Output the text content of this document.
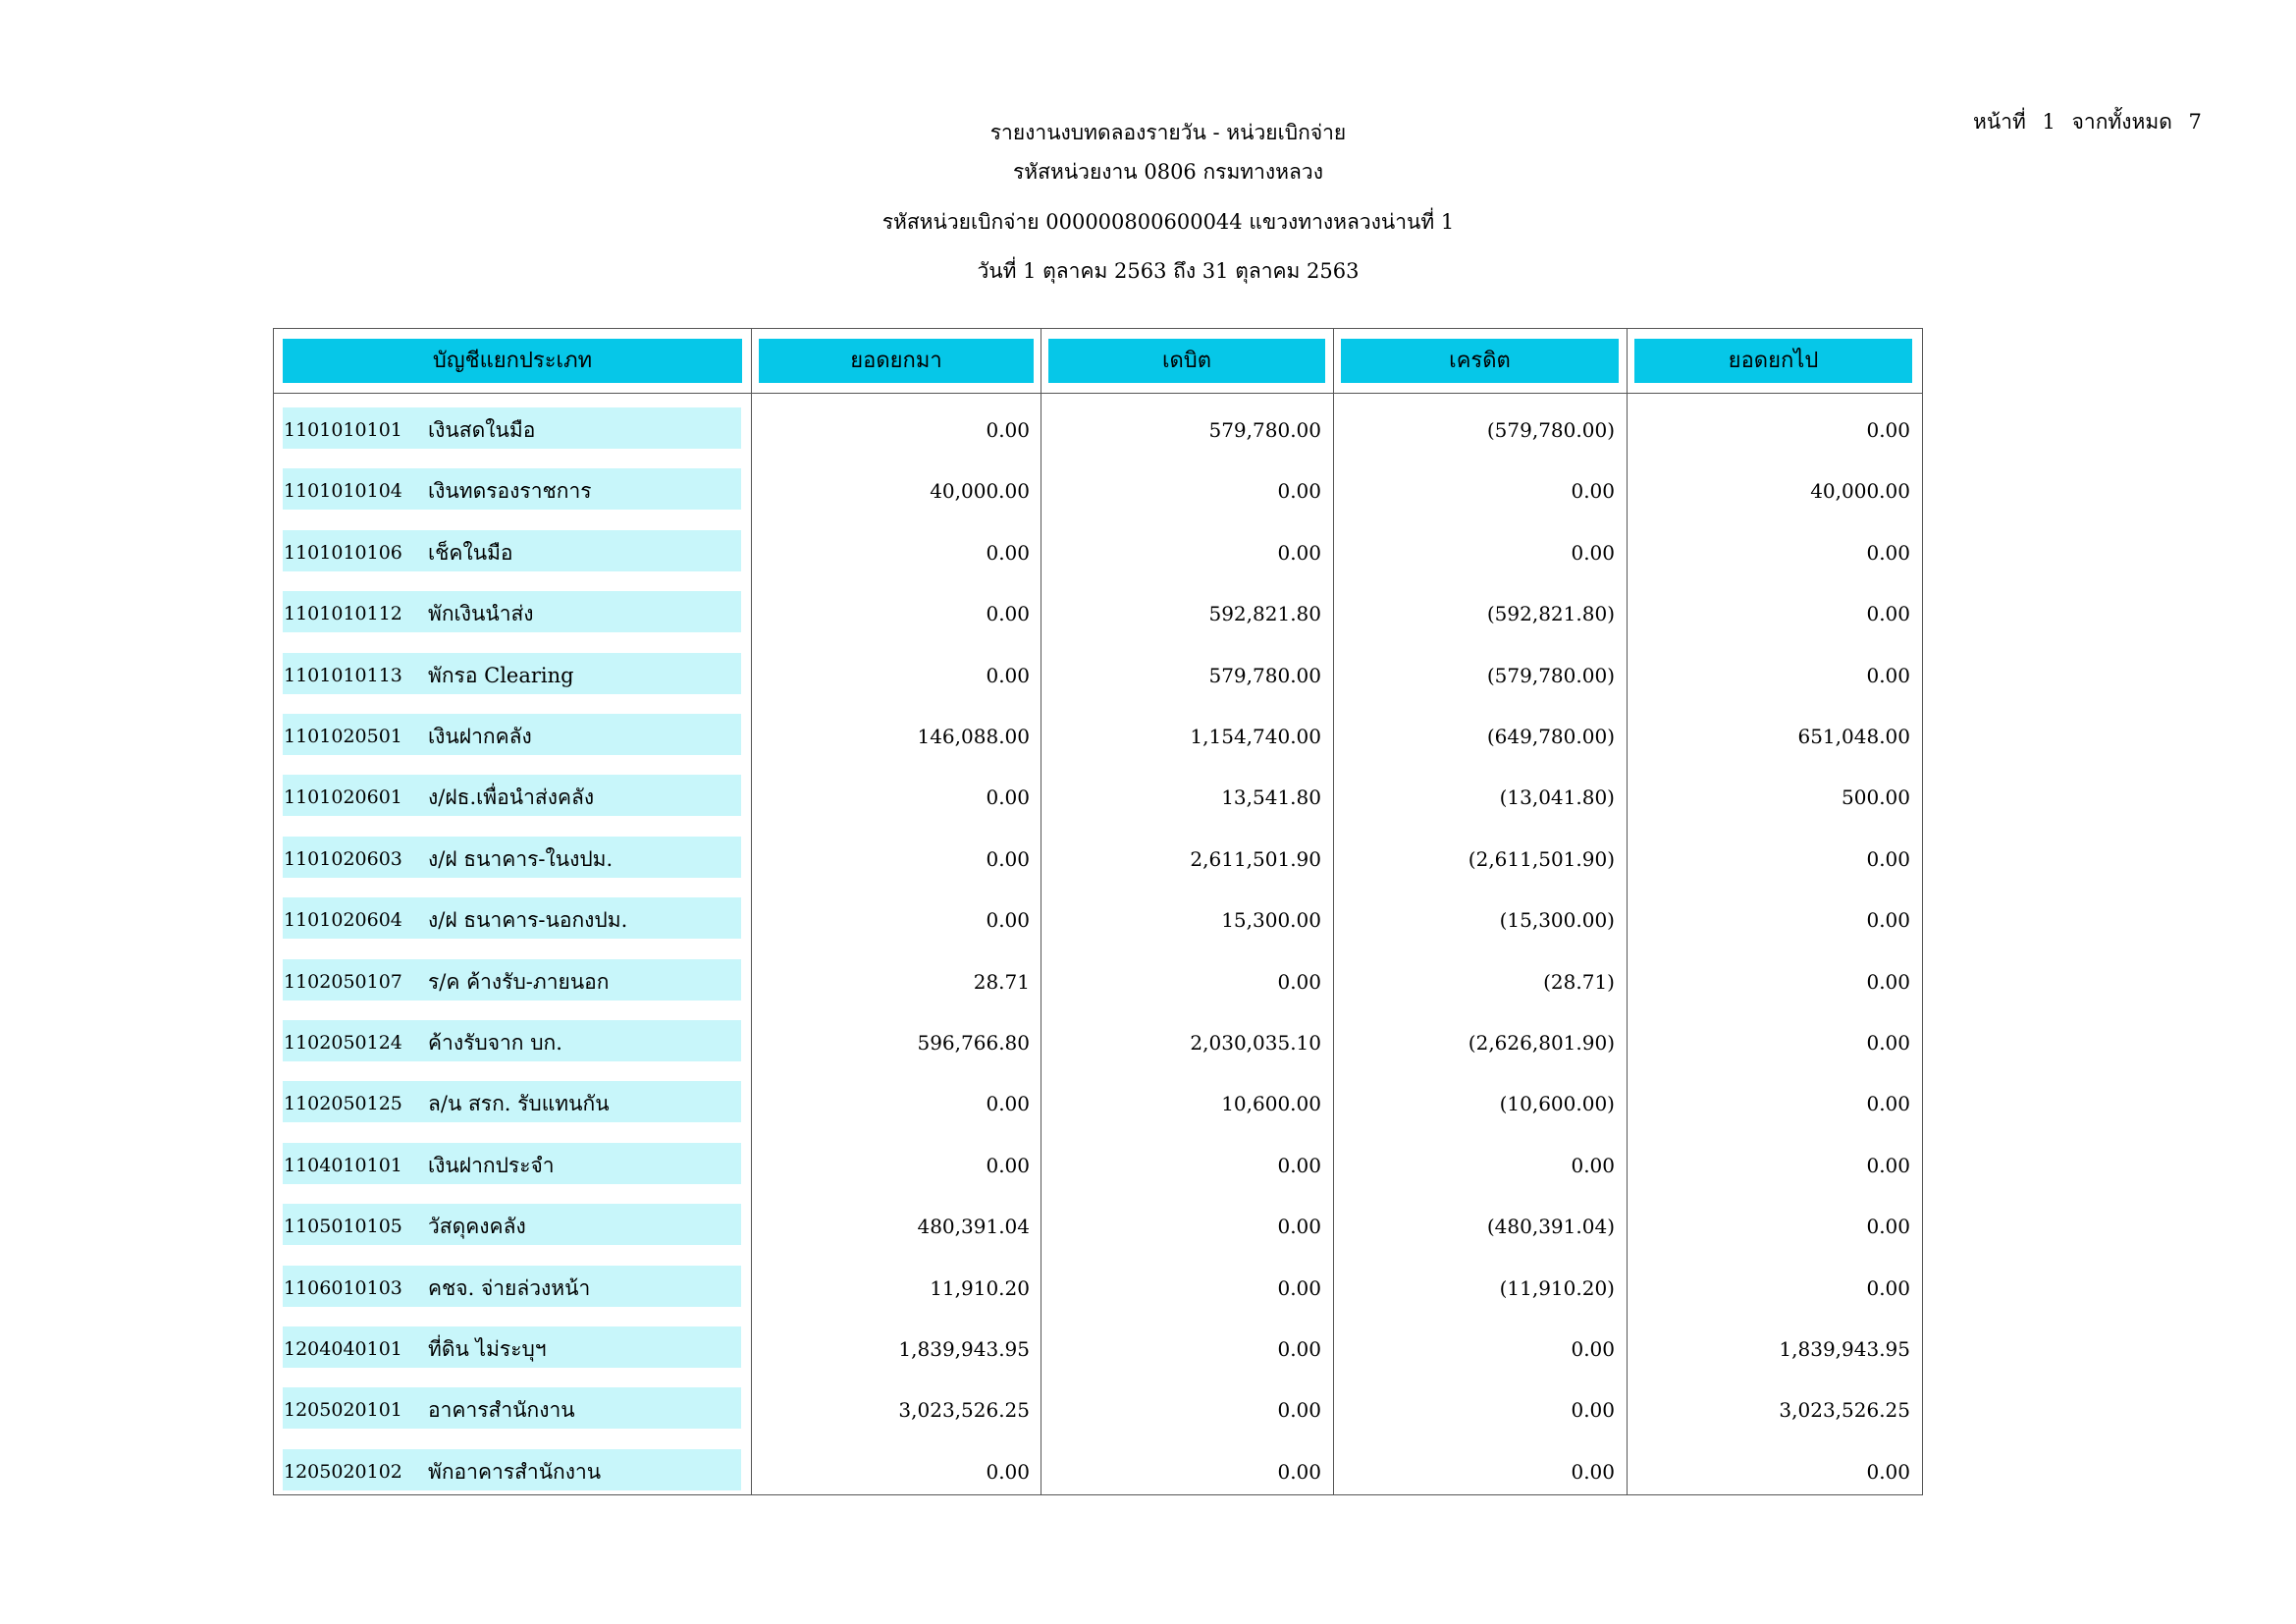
หน้าที่ 1 จากทั้งหมด 7
รายงานงบทดลองรายวัน - หน่วยเบิกจ่าย
รหัสหน่วยงาน 0806 กรมทางหลวง
รหัสหน่วยเบิกจ่าย 000000800600044 แขวงทางหลวงน่านที่ 1
วันที่ 1 ตุลาคม 2563 ถึง 31 ตุลาคม 2563
บัญชีแยกประเภท	ยอดยกมา	เดบิต	เครดิต	ยอดยกไป
1101010101 เงินสดในมือ	0.00	579,780.00	(579,780.00)	0.00
1101010104 เงินทดรองราชการ	40,000.00	0.00	0.00	40,000.00
1101010106 เช็คในมือ	0.00	0.00	0.00	0.00
1101010112 พักเงินนำส่ง	0.00	592,821.80	(592,821.80)	0.00
1101010113 พักรอ Clearing	0.00	579,780.00	(579,780.00)	0.00
1101020501 เงินฝากคลัง	146,088.00	1,154,740.00	(649,780.00)	651,048.00
1101020601 ง/ฝธ.เพื่อนำส่งคลัง	0.00	13,541.80	(13,041.80)	500.00
1101020603 ง/ฝ ธนาคาร-ในงปม.	0.00	2,611,501.90	(2,611,501.90)	0.00
1101020604 ง/ฝ ธนาคาร-นอกงปม.	0.00	15,300.00	(15,300.00)	0.00
1102050107 ร/ค ค้างรับ-ภายนอก	28.71	0.00	(28.71)	0.00
1102050124 ค้างรับจาก บก.	596,766.80	2,030,035.10	(2,626,801.90)	0.00
1102050125 ล/น สรก. รับแทนกัน	0.00	10,600.00	(10,600.00)	0.00
1104010101 เงินฝากประจำ	0.00	0.00	0.00	0.00
1105010105 วัสดุคงคลัง	480,391.04	0.00	(480,391.04)	0.00
1106010103 คชจ. จ่ายล่วงหน้า	11,910.20	0.00	(11,910.20)	0.00
1204040101 ที่ดิน ไม่ระบุฯ	1,839,943.95	0.00	0.00	1,839,943.95
1205020101 อาคารสำนักงาน	3,023,526.25	0.00	0.00	3,023,526.25
1205020102 พักอาคารสำนักงาน	0.00	0.00	0.00	0.00
